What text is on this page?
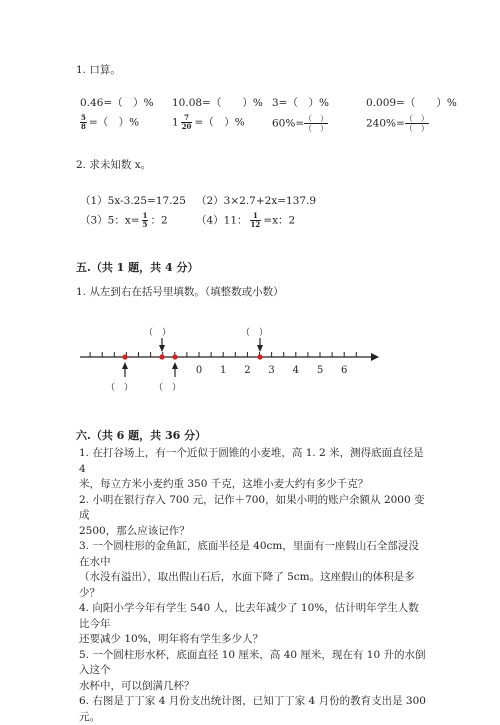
1. 口算。
0.46=（　）% 10.08=（　　）% 3=（　）%	0.009=（　　）%
$\frac{5}{8}$ =（　）%	$1 \frac{7}{20}$ =（　）%	60%= （　）
（　）	240%= （　）
（　）
2. 求未知数 x。
（1）5x-3.25=17.25 （2）3×2.7+2x=137.9
（3）5：$x= \frac{1}{5}$ ：2	（4）11： $\frac{1}{12} =x$：2
五.（共 1 题，共 4 分）
1. 从左到右在括号里填数。（填整数或小数）
（　）	（　）
（　） （　）
0 1 2 3 4 5 6
六.（共 6 题，共 36 分）
1. 在打谷场上，有一个近似于圆锥的小麦堆，高 1. 2 米，测得底面直径是 4
米，每立方米小麦约重 350 千克，这堆小麦大约有多少千克？
2. 小明在银行存入 700 元，记作＋700，如果小明的账户余额从 2000 变成
2500，那么应该记作？
3. 一个圆柱形的金鱼缸，底面半径是 40cm，里面有一座假山石全部浸没在水中
（水没有溢出），取出假山石后，水面下降了 5cm。这座假山的体积是多少？
4. 向阳小学今年有学生 540 人，比去年减少了 10%，估计明年学生人数比今年
还要减少 10%，明年将有学生多少人？
5. 一个圆柱形水杯，底面直径 10 厘米，高 40 厘米，现在有 10 升的水倒入这个
水杯中，可以倒满几杯？
6. 右图是丁丁家 4 月份支出统计图，已知丁丁家 4 月份的教育支出是 300 元。
